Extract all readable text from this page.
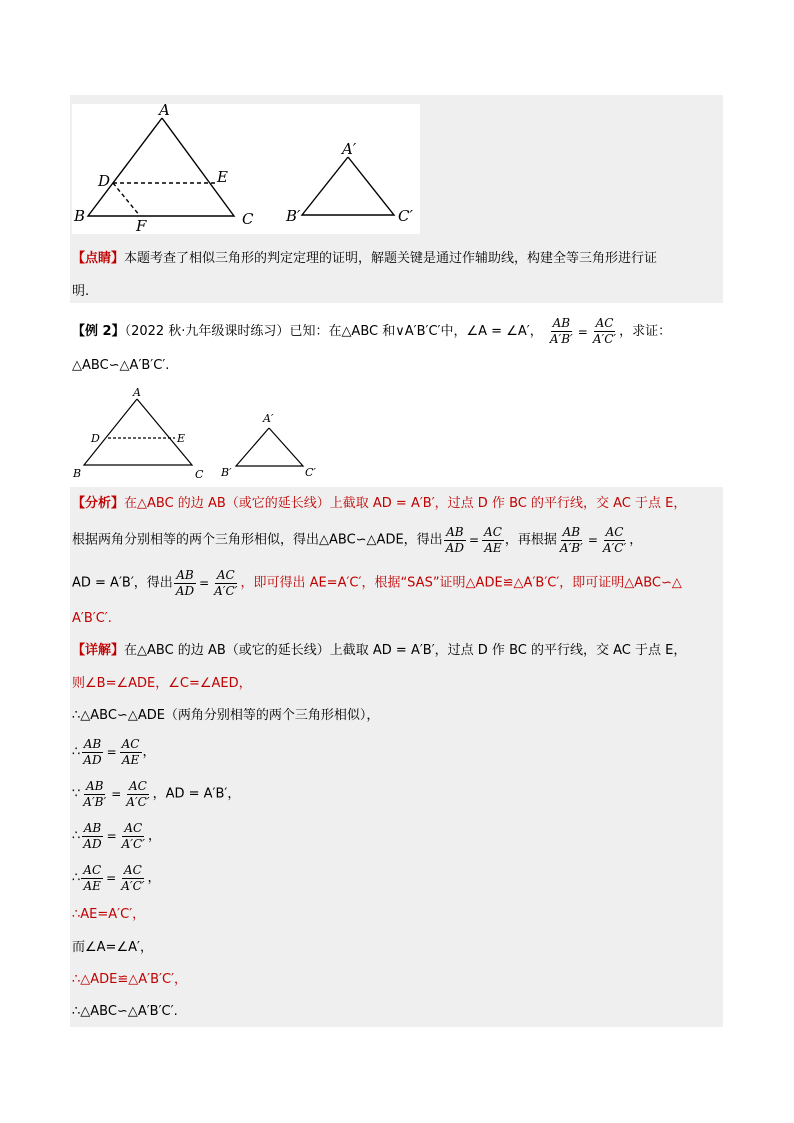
A
B	C
D	E
F
A′
B′	C′
【点睛】本题考查了相似三角形的判定定理的证明，解题关键是通过作辅助线，构建全等三角形进行证
明.
【例 2】（2022 秋·九年级课时练习）已知：在△ABC 和∨A′B′C′中，∠A = ∠A′， $\frac{AB}{A'B'} = \frac{AC}{A'C'}$ ，求证：
△ABC∽△A′B′C′.
A
B	C
D	E
A′
B′	C′
【分析】在△ABC 的边 AB（或它的延长线）上截取 AD = A′B′，过点 D 作 BC 的平行线，交 AC 于点 E，
根据两角分别相等的两个三角形相似，得出△ABC∽△ADE，得出 $\frac{AB}{AD} = \frac{AC}{AE}$ ，再根据 $\frac{AB}{A'B'} = \frac{AC}{A'C'}$ ，
AD = A′B′，得出 $\frac{AB}{AD} = \frac{AC}{A'C'}$ ，即可得出 AE=A′C′，根据“SAS”证明△ADE≌△A′B′C′，即可证明△ABC∽△
A′B′C′.
【详解】在△ABC 的边 AB（或它的延长线）上截取 AD = A′B′，过点 D 作 BC 的平行线，交 AC 于点 E，
则∠B=∠ADE，∠C=∠AED，
∴△ABC∽△ADE（两角分别相等的两个三角形相似），
∴ $\frac{AB}{AD} = \frac{AC}{AE}$ ，
∵ $\frac{AB}{A'B'} = \frac{AC}{A'C'}$ ，AD = A′B′，
∴ $\frac{AB}{AD} = \frac{AC}{A'C'}$ ，
∴ $\frac{AC}{AE} = \frac{AC}{A'C'}$ ，
∴AE=A′C′，
而∠A=∠A′，
∴△ADE≌△A′B′C′，
∴△ABC∽△A′B′C′.
